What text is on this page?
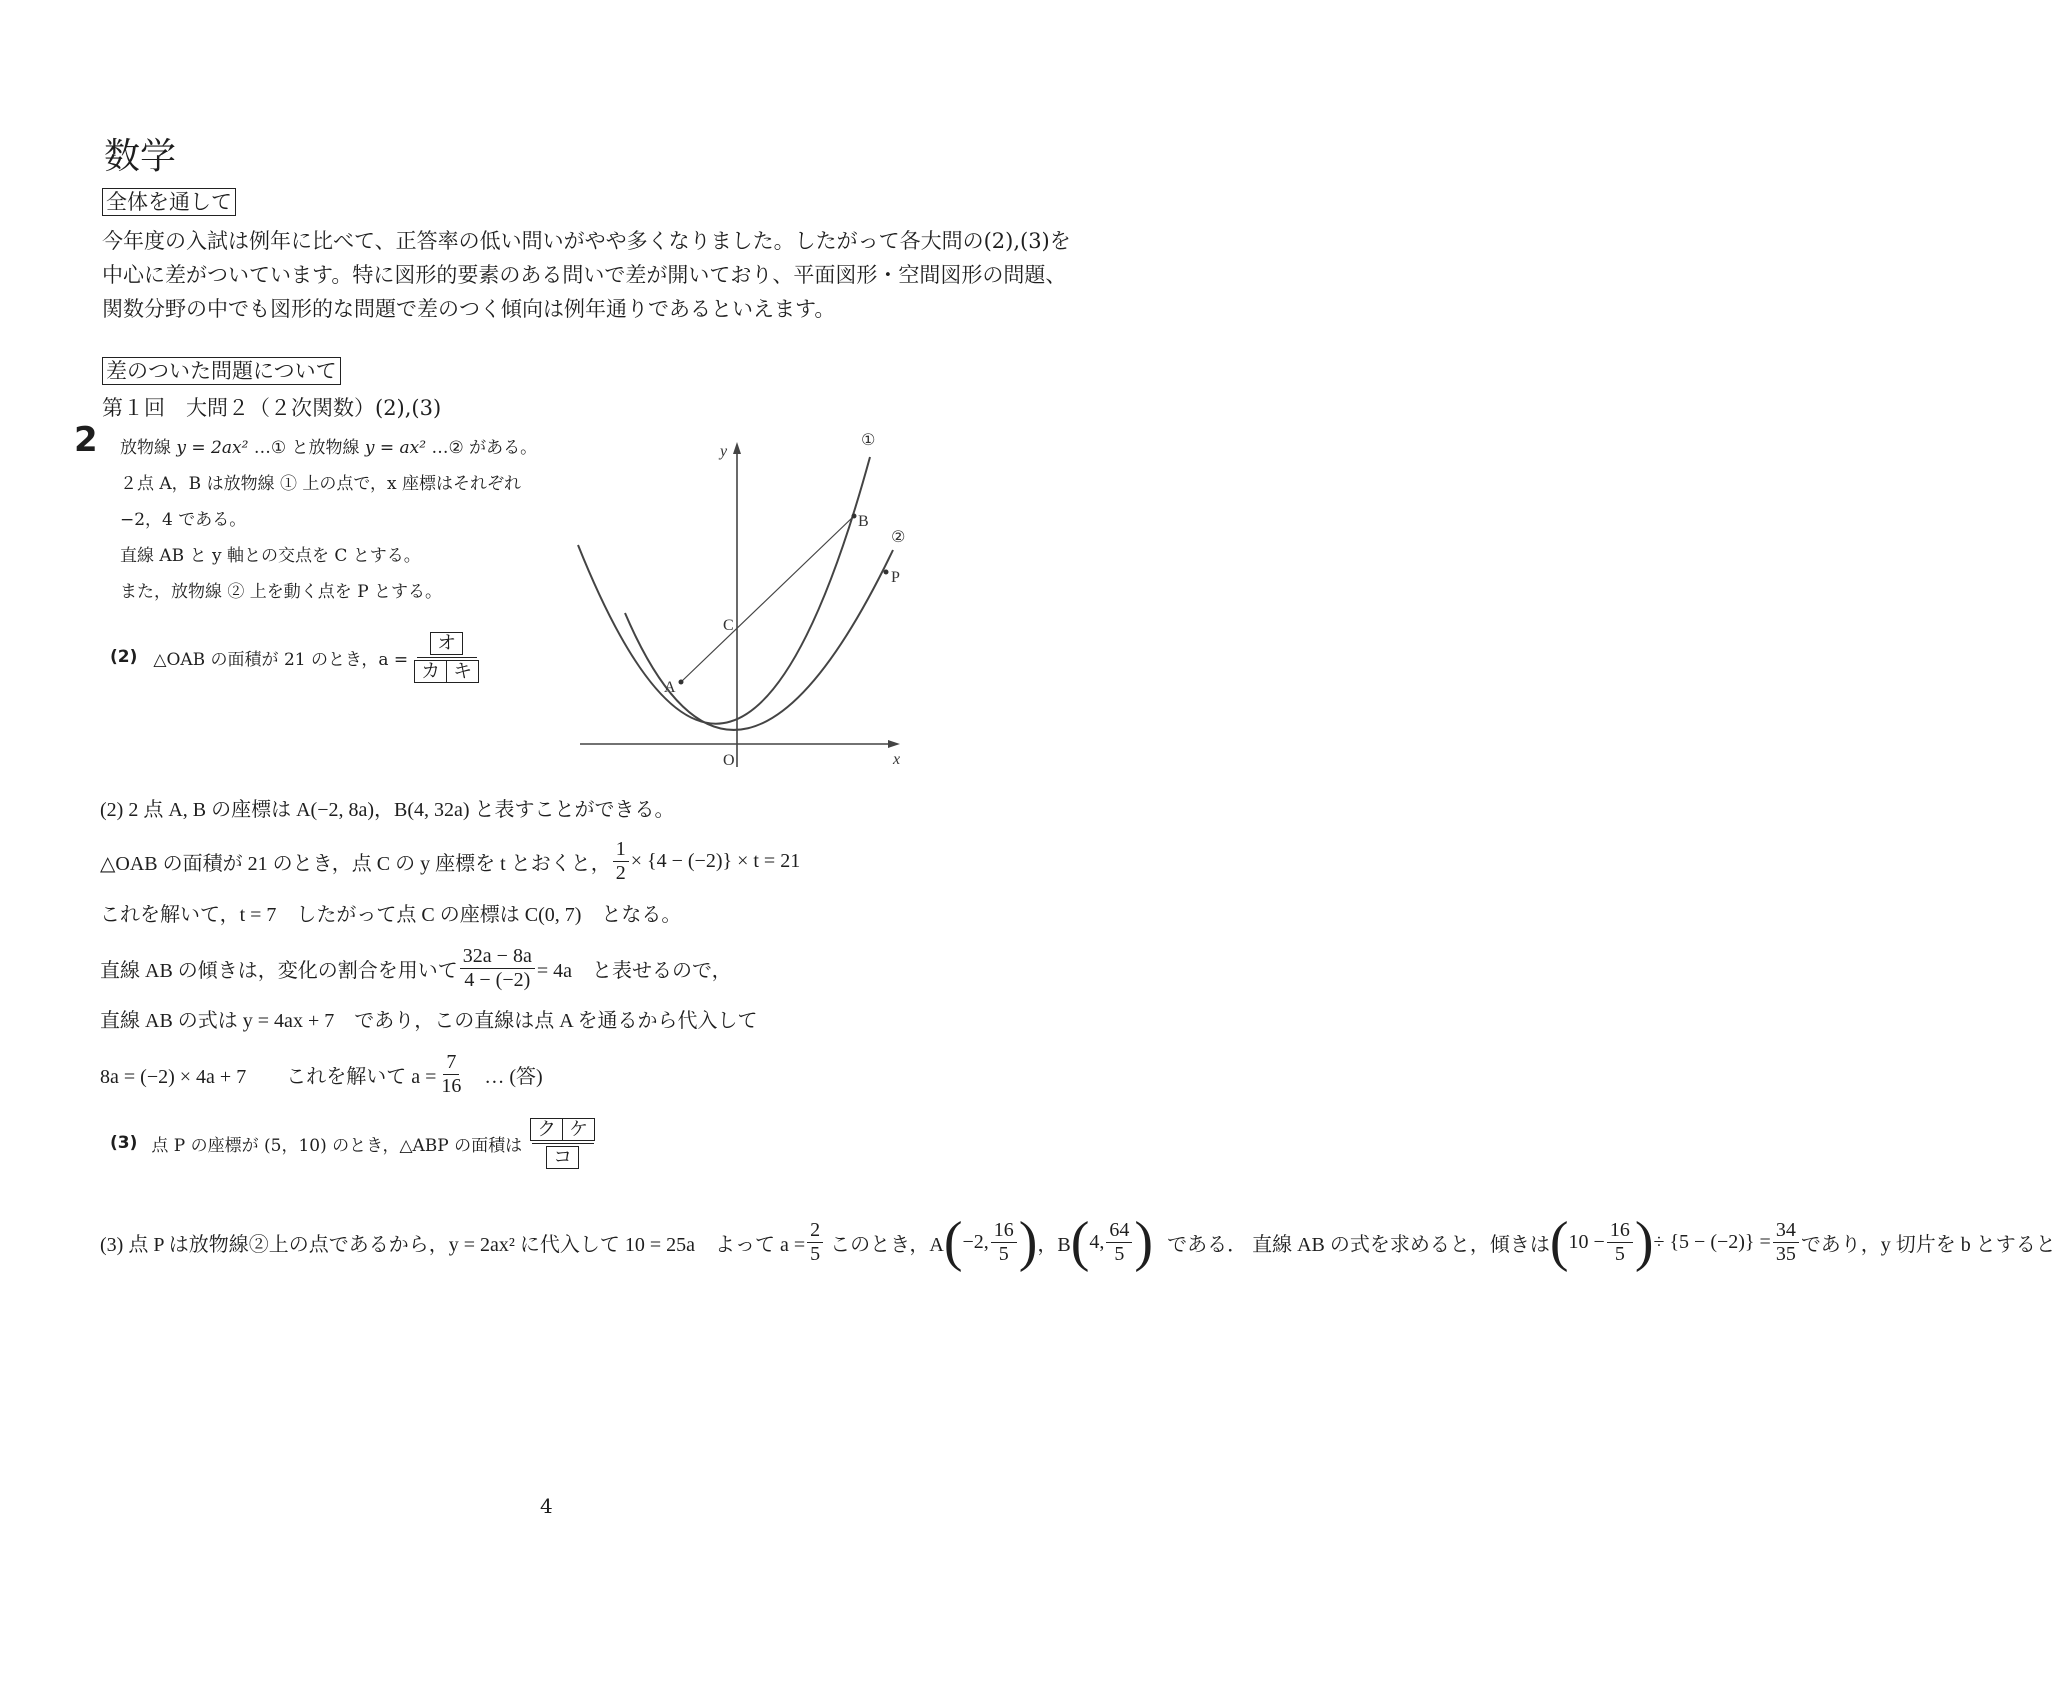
数学
全体を通して
今年度の入試は例年に比べて、正答率の低い問いがやや多くなりました。したがって各大問の(2),(3)を
中心に差がついています。特に図形的要素のある問いで差が開いており、平面図形・空間図形の問題、
関数分野の中でも図形的な問題で差のつく傾向は例年通りであるといえます。
差のついた問題について
第１回　大問２（２次関数）(2),(3)
2 放物線 y = 2ax² …① と放物線 y = ax² …② がある。
２点 A，B は放物線 ① 上の点で，x 座標はそれぞれ
−2，4 である。
直線 AB と y 軸との交点を C とする。
また，放物線 ② 上を動く点を P とする。
(2) △OAB の面積が 21 のとき，$a = \frac{\text{オ}}{\text{カ キ}}$
y
x
O
①
②
A
B
C
P
(2) 2 点 A, B の座標は A(−2, 8a)，B(4, 32a) と表すことができる。
△OAB の面積が 21 のとき，点 C の y 座標を t とおくと， $\frac{1}{2} \times \{4 - (-2)\} \times t = 21$
これを解いて，t = 7　したがって点 C の座標は C(0, 7)　となる。
直線 AB の傾きは，変化の割合を用いて $\frac{32a - 8a}{4 - (-2)} = 4a$　と表せるので，
直線 AB の式は y = 4ax + 7　であり，この直線は点 A を通るから代入して
8a = (−2) × 4a + 7　　これを解いて $a = \frac{7}{16}$ … (答)
(3) 点 P の座標が (5，10) のとき，△ABP の面積は $\frac{\text{ク ケ}}{\text{コ}}$
(3) 点 P は放物線②上の点であるから，y = 2ax² に代入して 10 = 25a　よって $a = \frac{2}{5}$
このとき，A ( −2, $\frac{16}{5}$ ) ，B ( 4, $\frac{64}{5}$ ) である．
直線 AB の式を求めると，傾きは ( $10 - \frac{16}{5}$ ) ÷ $\{5 - (-2)\} = \frac{34}{35}$ であり，y 切片を b とすると
4
